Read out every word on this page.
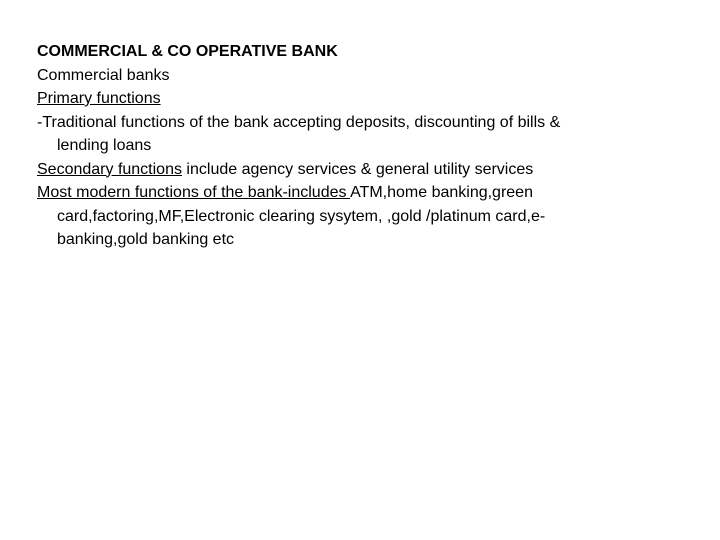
COMMERCIAL & CO OPERATIVE BANK

Commercial banks

Primary functions

-Traditional functions of the bank accepting deposits, discounting of bills &

lending loans

Secondary functions include agency services & general utility services

Most modern functions of the bank-includes ATM,home banking,green

card,factoring,MF,Electronic clearing sysytem, ,gold /platinum card,e-

banking,gold banking etc
